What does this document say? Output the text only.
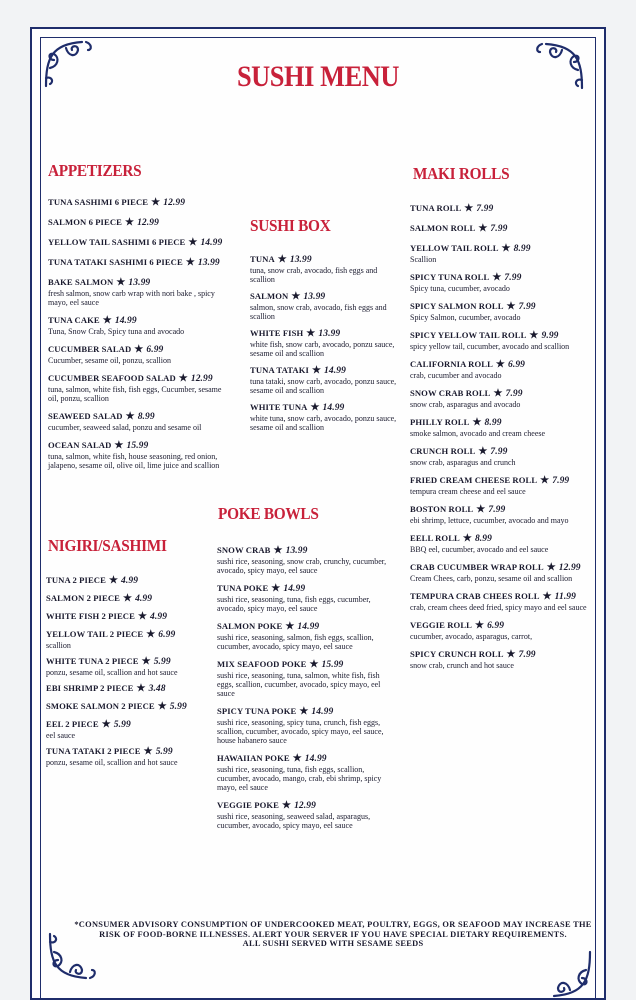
SUSHI MENU
APPETIZERS
TUNA SASHIMI 6 PIECE ★ 12.99
SALMON 6 PIECE ★ 12.99
YELLOW TAIL SASHIMI 6 PIECE ★ 14.99
TUNA TATAKI SASHIMI 6 PIECE ★ 13.99
BAKE SALMON ★ 13.99
fresh salmon, snow carb wrap with nori bake , spicy mayo, eel sauce
TUNA CAKE ★ 14.99
Tuna, Snow Crab, Spicy tuna and avocado
CUCUMBER SALAD ★ 6.99
Cucumber, sesame oil, ponzu, scallion
CUCUMBER SEAFOOD SALAD ★ 12.99
tuna, salmon, white fish, fish eggs, Cucumber, sesame oil, ponzu, scallion
SEAWEED SALAD ★ 8.99
cucumber, seaweed salad, ponzu and sesame oil
OCEAN SALAD ★ 15.99
tuna, salmon, white fish, house seasoning, red onion, jalapeno, sesame oil, olive oil, lime juice and scallion
NIGIRI/SASHIMI
TUNA 2 PIECE ★ 4.99
SALMON 2 PIECE ★ 4.99
WHITE FISH 2 PIECE ★ 4.99
YELLOW TAIL 2 PIECE ★ 6.99
scallion
WHITE TUNA 2 PIECE ★ 5.99
ponzu, sesame oil, scallion and hot sauce
EBI SHRIMP 2 PIECE ★ 3.48
SMOKE SALMON 2 PIECE ★ 5.99
EEL 2 PIECE ★ 5.99
eel sauce
TUNA TATAKI 2 PIECE ★ 5.99
ponzu, sesame oil, scallion and hot sauce
SUSHI BOX
TUNA ★ 13.99
tuna, snow crab, avocado, fish eggs and scallion
SALMON ★ 13.99
salmon, snow crab, avocado, fish eggs and scallion
WHITE FISH ★ 13.99
white fish, snow carb, avocado, ponzu sauce, sesame oil and scallion
TUNA TATAKI ★ 14.99
tuna tataki, snow carb, avocado, ponzu sauce, sesame oil and scallion
WHITE TUNA ★ 14.99
white tuna, snow carb, avocado, ponzu sauce, sesame oil and scallion
POKE BOWLS
SNOW CRAB ★ 13.99
sushi rice, seasoning, snow crab, crunchy, cucumber, avocado, spicy mayo, eel sauce
TUNA POKE ★ 14.99
sushi rice, seasoning, tuna, fish eggs, cucumber, avocado, spicy mayo, eel sauce
SALMON POKE ★ 14.99
sushi rice, seasoning, salmon, fish eggs, scallion, cucumber, avocado, spicy mayo, eel sauce
MIX SEAFOOD POKE ★ 15.99
sushi rice, seasoning, tuna, salmon, white fish, fish eggs, scallion, cucumber, avocado, spicy mayo, eel sauce
SPICY TUNA POKE ★ 14.99
sushi rice, seasoning, spicy tuna, crunch, fish eggs, scallion, cucumber, avocado, spicy mayo, eel sauce, house habanero sauce
HAWAIIAN POKE ★ 14.99
sushi rice, seasoning, tuna, fish eggs, scallion, cucumber, avocado, mango, crab, ebi shrimp, spicy mayo, eel sauce
VEGGIE POKE ★ 12.99
sushi rice, seasoning, seaweed salad, asparagus, cucumber, avocado, spicy mayo, eel sauce
MAKI ROLLS
TUNA ROLL ★ 7.99
SALMON ROLL ★ 7.99
YELLOW TAIL ROLL ★ 8.99
Scallion
SPICY TUNA ROLL ★ 7.99
Spicy tuna, cucumber, avocado
SPICY SALMON ROLL ★ 7.99
Spicy Salmon, cucumber, avocado
SPICY YELLOW TAIL ROLL ★ 9.99
spicy yellow tail, cucumber, avocado and scallion
CALIFORNIA ROLL ★ 6.99
crab, cucumber and avocado
SNOW CRAB ROLL ★ 7.99
snow crab, asparagus and avocado
PHILLY ROLL ★ 8.99
smoke salmon, avocado and cream cheese
CRUNCH ROLL ★ 7.99
snow crab, asparagus and crunch
FRIED CREAM CHEESE ROLL ★ 7.99
tempura cream cheese and eel sauce
BOSTON ROLL ★ 7.99
ebi shrimp, lettuce, cucumber, avocado and mayo
EELL ROLL ★ 8.99
BBQ eel, cucumber, avocado and eel sauce
CRAB CUCUMBER WRAP ROLL ★ 12.99
Cream Chees, carb, ponzu, sesame oil and scallion
TEMPURA CRAB CHEES ROLL ★ 11.99
crab, cream chees deed fried, spicy mayo and eel sauce
VEGGIE ROLL ★ 6.99
cucumber, avocado, asparagus, carrot,
SPICY CRUNCH ROLL ★ 7.99
snow crab, crunch and hot sauce
*CONSUMER ADVISORY CONSUMPTION OF UNDERCOOKED MEAT, POULTRY, EGGS, OR SEAFOOD MAY INCREASE THE RISK OF FOOD-BORNE ILLNESSES. ALERT YOUR SERVER IF YOU HAVE SPECIAL DIETARY REQUIREMENTS.
ALL SUSHI SERVED WITH SESAME SEEDS
